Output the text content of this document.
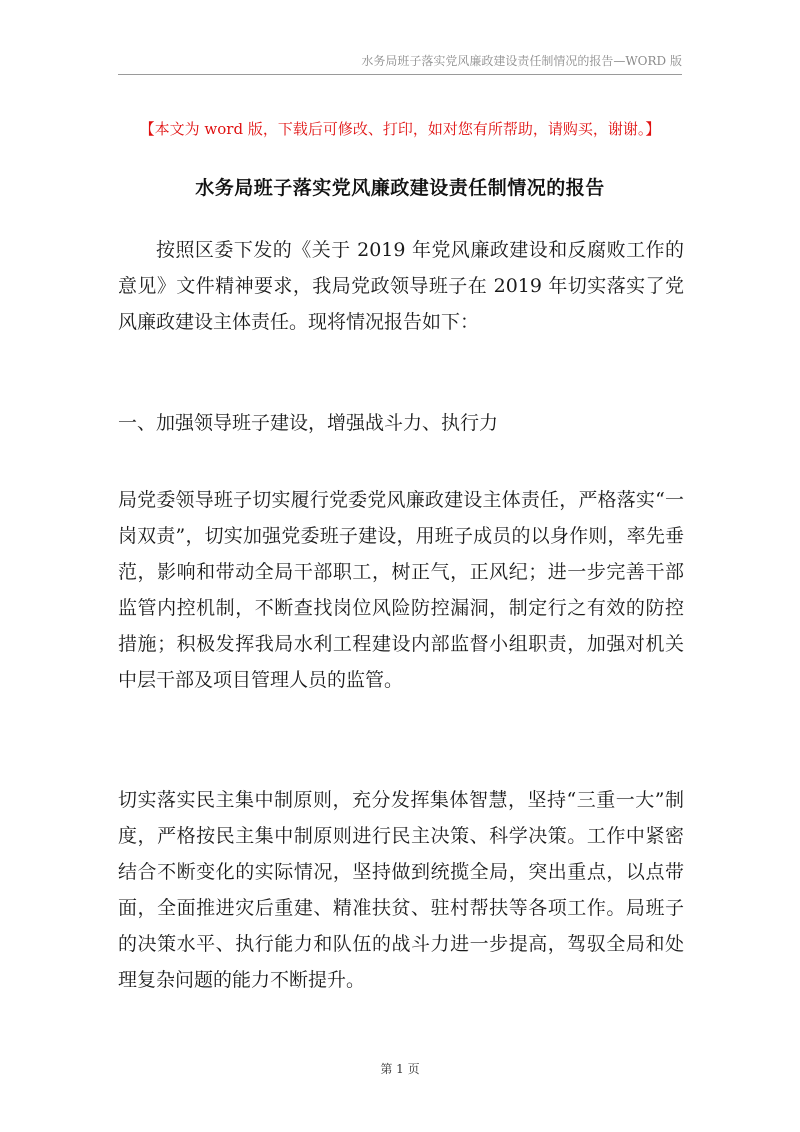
水务局班子落实党风廉政建设责任制情况的报告—WORD 版
【本文为 word 版，下载后可修改、打印，如对您有所帮助，请购买，谢谢。】
水务局班子落实党风廉政建设责任制情况的报告
按照区委下发的《关于 2019 年党风廉政建设和反腐败工作的意见》文件精神要求，我局党政领导班子在 2019 年切实落实了党风廉政建设主体责任。现将情况报告如下：
一、加强领导班子建设，增强战斗力、执行力
局党委领导班子切实履行党委党风廉政建设主体责任，严格落实“一岗双责”，切实加强党委班子建设，用班子成员的以身作则，率先垂范，影响和带动全局干部职工，树正气，正风纪；进一步完善干部监管内控机制，不断查找岗位风险防控漏洞，制定行之有效的防控措施；积极发挥我局水利工程建设内部监督小组职责，加强对机关中层干部及项目管理人员的监管。
切实落实民主集中制原则，充分发挥集体智慧，坚持“三重一大”制度，严格按民主集中制原则进行民主决策、科学决策。工作中紧密结合不断变化的实际情况，坚持做到统揽全局，突出重点，以点带面，全面推进灾后重建、精准扶贫、驻村帮扶等各项工作。局班子的决策水平、执行能力和队伍的战斗力进一步提高，驾驭全局和处理复杂问题的能力不断提升。
第 1 页
